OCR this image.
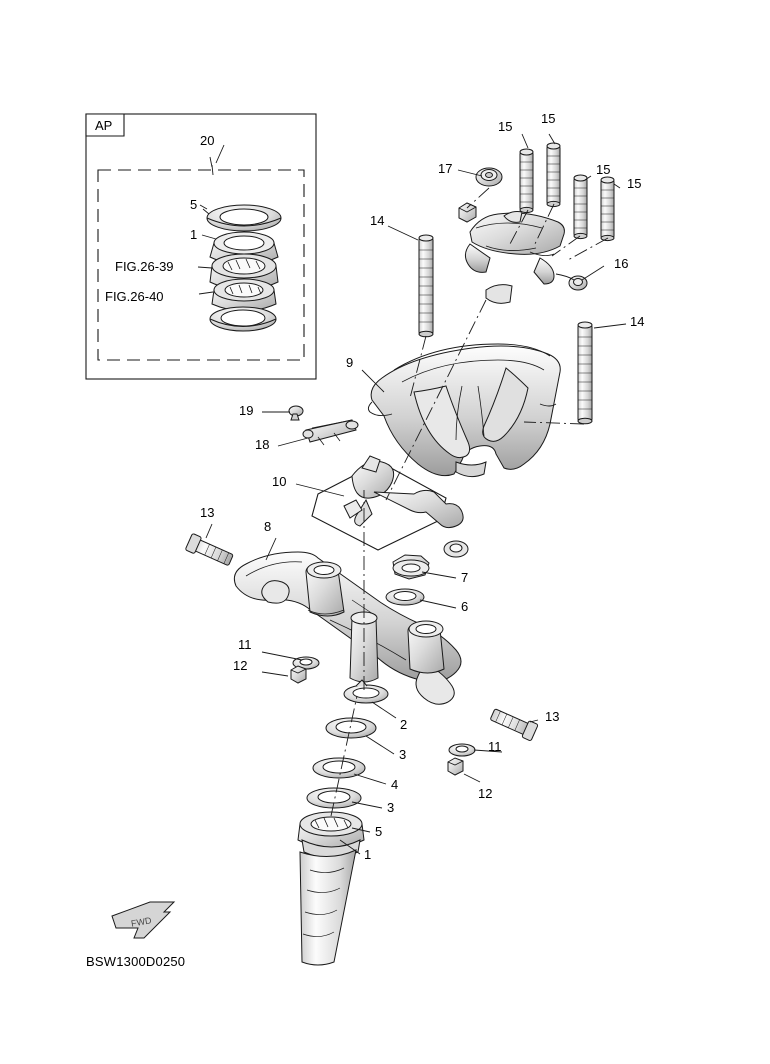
AP
20
5
1
FIG.26-39
FIG.26-40
15
15
15
15
17
14
14
16
9
19
18
10
13
8
7
6
11
12
2
3
4
3
5
1
11
12
13
FWD
BSW1300D0250
